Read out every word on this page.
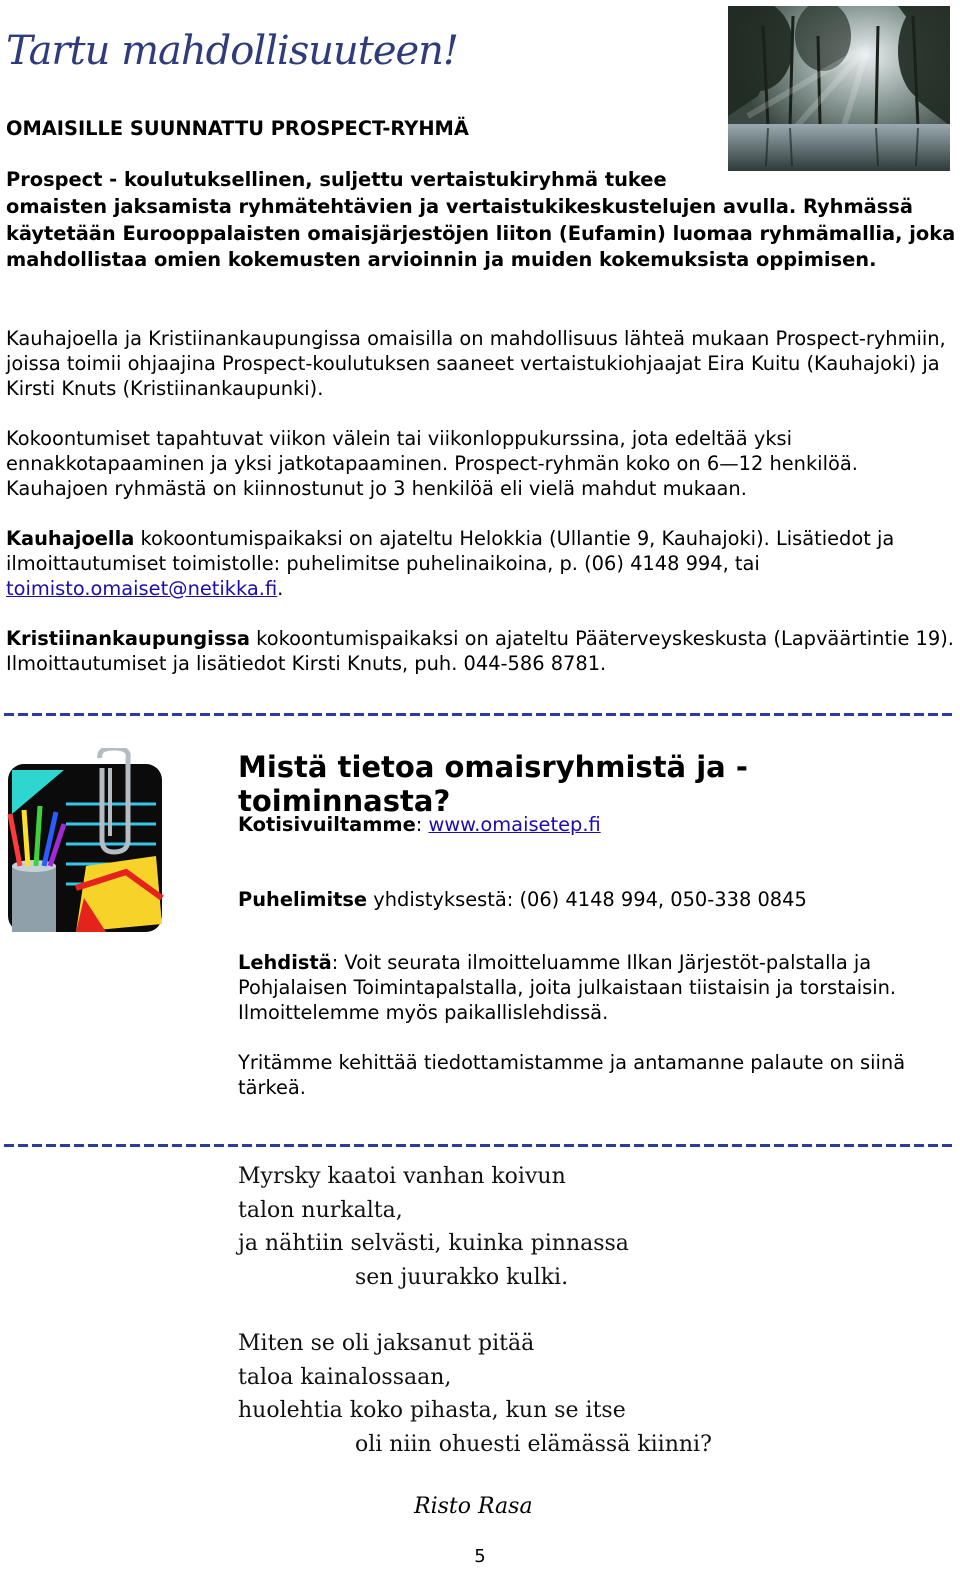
Tartu mahdollisuuteen!
OMAISILLE SUUNNATTU PROSPECT-RYHMÄ
Prospect - koulutuksellinen, suljettu vertaistukiryhmä tukee
omaisten jaksamista ryhmätehtävien ja vertaistukikeskustelujen avulla. Ryhmässä käytetään Eurooppalaisten omaisjärjestöjen liiton (Eufamin) luomaa ryhmämallia, joka mahdollistaa omien kokemusten arvioinnin ja muiden kokemuksista oppimisen.

Kauhajoella ja Kristiinankaupungissa omaisilla on mahdollisuus lähteä mukaan Prospect-ryhmiin, joissa toimii ohjaajina Prospect-koulutuksen saaneet vertaistukiohjaajat Eira Kuitu (Kauhajoki) ja Kirsti Knuts (Kristiinankaupunki).

Kokoontumiset tapahtuvat viikon välein tai viikonloppukurssina, jota edeltää yksi ennakkotapaaminen ja yksi jatkotapaaminen. Prospect-ryhmän koko on 6—12 henkilöä. Kauhajoen ryhmästä on kiinnostunut jo 3 henkilöä eli vielä mahdut mukaan.

Kauhajoella kokoontumispaikaksi on ajateltu Helokkia (Ullantie 9, Kauhajoki). Lisätiedot ja ilmoittautumiset toimistolle: puhelimitse puhelinaikoina, p. (06) 4148 994, tai toimisto.omaiset@netikka.fi.

Kristiinankaupungissa kokoontumispaikaksi on ajateltu Pääterveyskeskusta (Lapväärtintie 19). Ilmoittautumiset ja lisätiedot Kirsti Knuts, puh. 044-586 8781.

Mistä tietoa omaisryhmistä ja -toiminnasta?

Kotisivuiltamme: www.omaisetep.fi

Puhelimitse yhdistyksestä: (06) 4148 994, 050-338 0845

Lehdistä: Voit seurata ilmoitteluamme Ilkan Järjestöt-palstalla ja Pohjalaisen Toimintapalstalla, joita julkaistaan tiistaisin ja torstaisin. Ilmoittelemme myös paikallislehdissä.

Yritämme kehittää tiedottamistamme ja antamanne palaute on siinä tärkeä.

Myrsky kaatoi vanhan koivun
talon nurkalta,
ja nähtiin selvästi, kuinka pinnassa
sen juurakko kulki.
Miten se oli jaksanut pitää
taloa kainalossaan,
huolehtia koko pihasta, kun se itse
oli niin ohuesti elämässä kiinni?
Risto Rasa
5
